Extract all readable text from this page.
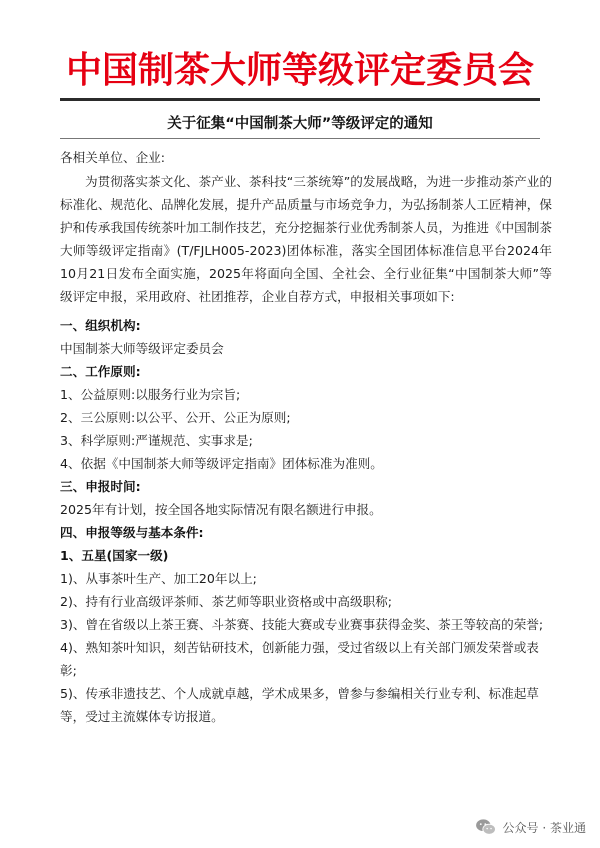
中国制茶大师等级评定委员会
关于征集“中国制茶大师”等级评定的通知

各相关单位、企业:

为贯彻落实茶文化、茶产业、茶科技“三茶统筹”的发展战略，为进一步推动茶产业的标准化、规范化、品牌化发展，提升产品质量与市场竞争力，为弘扬制茶人工匠精神，保护和传承我国传统茶叶加工制作技艺，充分挖掘茶行业优秀制茶人员，为推进《中国制茶大师等级评定指南》(T/FJLH005-2023)团体标准，落实全国团体标准信息平台2024年10月21日发布全面实施，2025年将面向全国、全社会、全行业征集“中国制茶大师”等级评定申报，采用政府、社团推荐，企业自荐方式，申报相关事项如下:

一、组织机构:

中国制茶大师等级评定委员会

二、工作原则:

1、公益原则:以服务行业为宗旨;

2、三公原则:以公平、公开、公正为原则;

3、科学原则:严谨规范、实事求是;

4、依据《中国制茶大师等级评定指南》团体标准为准则。

三、申报时间:

2025年有计划，按全国各地实际情况有限名额进行申报。

四、申报等级与基本条件:

1、五星(国家一级)

1)、从事茶叶生产、加工20年以上;

2)、持有行业高级评茶师、茶艺师等职业资格或中高级职称;

3)、曾在省级以上茶王赛、斗茶赛、技能大赛或专业赛事获得金奖、茶王等较高的荣誉;

4)、熟知茶叶知识，刻苦钻研技术，创新能力强，受过省级以上有关部门颁发荣誉或表彰;

5)、传承非遗技艺、个人成就卓越，学术成果多，曾参与参编相关行业专利、标准起草等，受过主流媒体专访报道。

公众号 · 茶业通
